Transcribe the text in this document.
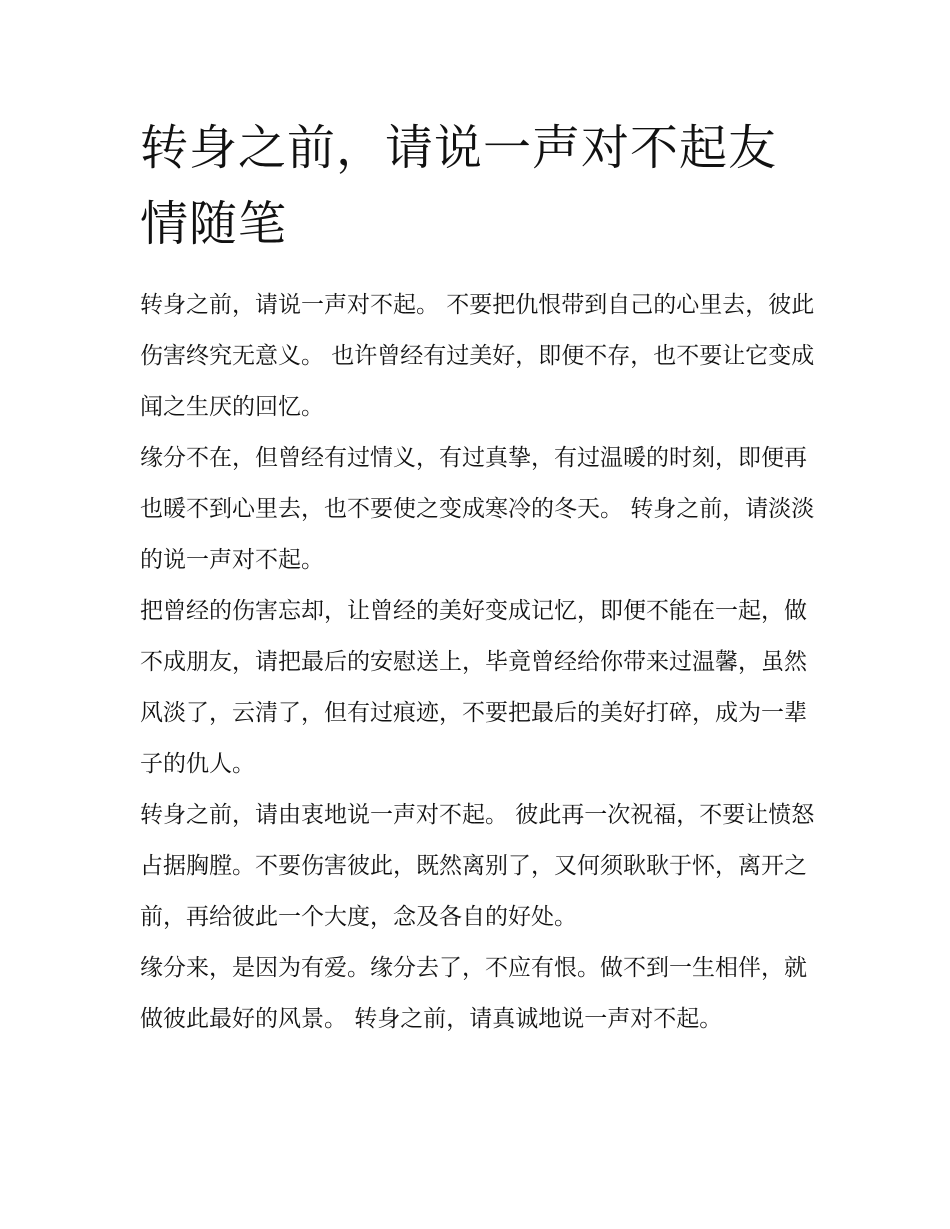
转身之前，请说一声对不起友情随笔

转身之前，请说一声对不起。 不要把仇恨带到自己的心里去，彼此伤害终究无意义。 也许曾经有过美好，即便不存，也不要让它变成闻之生厌的回忆。

缘分不在，但曾经有过情义，有过真挚，有过温暖的时刻，即便再也暖不到心里去，也不要使之变成寒冷的冬天。 转身之前，请淡淡的说一声对不起。

把曾经的伤害忘却，让曾经的美好变成记忆，即便不能在一起，做不成朋友，请把最后的安慰送上，毕竟曾经给你带来过温馨，虽然风淡了，云清了，但有过痕迹，不要把最后的美好打碎，成为一辈子的仇人。

转身之前，请由衷地说一声对不起。 彼此再一次祝福，不要让愤怒占据胸膛。不要伤害彼此，既然离别了，又何须耿耿于怀，离开之前，再给彼此一个大度，念及各自的好处。

缘分来，是因为有爱。缘分去了，不应有恨。做不到一生相伴，就做彼此最好的风景。 转身之前，请真诚地说一声对不起。
